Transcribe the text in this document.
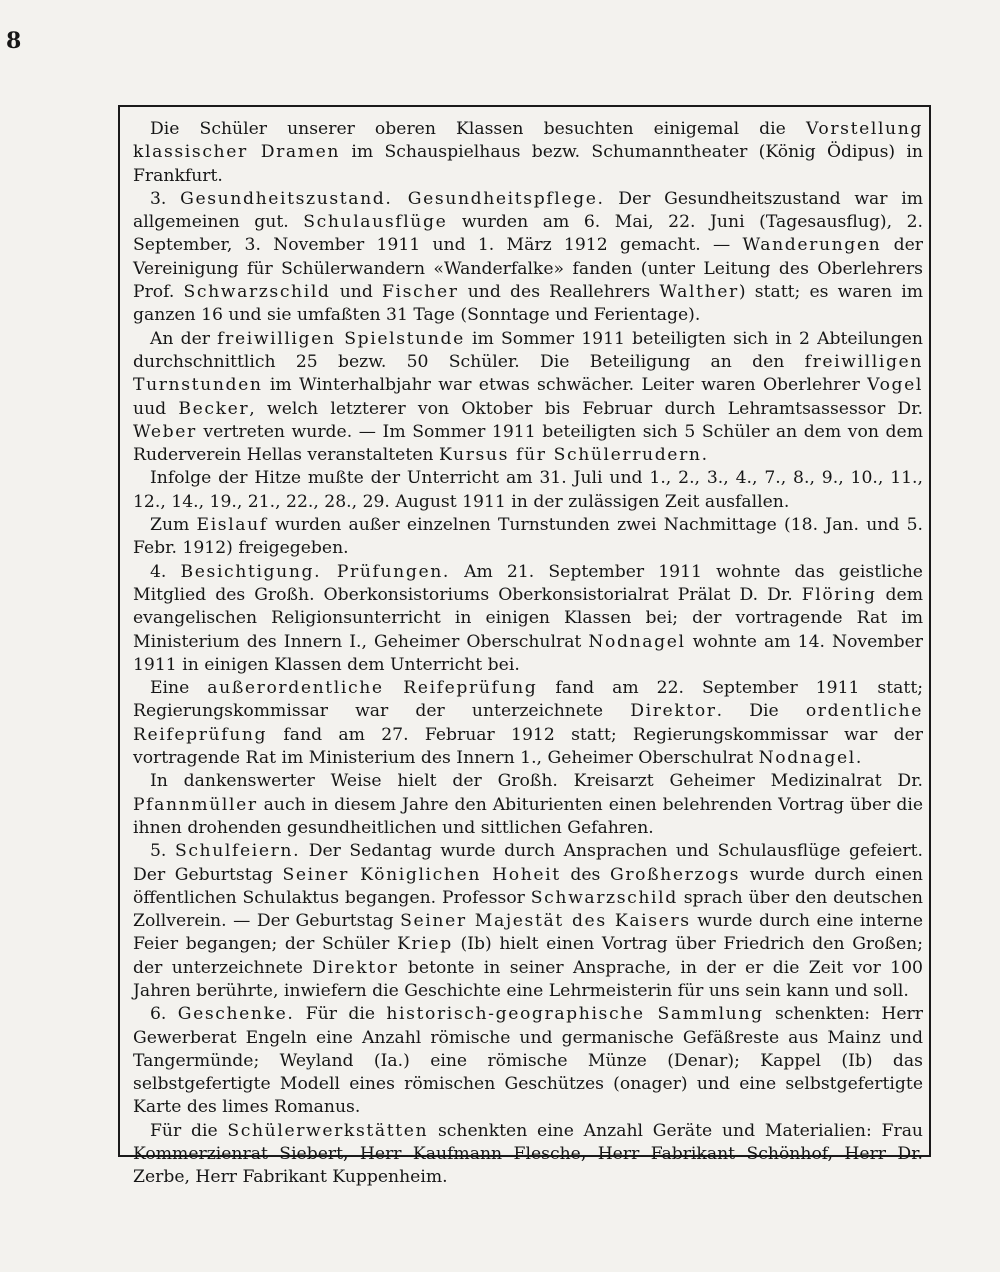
8

Die Schüler unserer oberen Klassen besuchten einigemal die Vorstellung klassischer Dramen im Schauspielhaus bezw. Schumanntheater (König Ödipus) in Frankfurt.

3. Gesundheitszustand. Gesundheitspflege. Der Gesundheitszustand war im allgemeinen gut. Schulausflüge wurden am 6. Mai, 22. Juni (Tagesausflug), 2. September, 3. November 1911 und 1. März 1912 gemacht. — Wanderungen der Vereinigung für Schülerwandern «Wanderfalke» fanden (unter Leitung des Oberlehrers Prof. Schwarzschild und Fischer und des Reallehrers Walther) statt; es waren im ganzen 16 und sie umfaßten 31 Tage (Sonntage und Ferientage).

An der freiwilligen Spielstunde im Sommer 1911 beteiligten sich in 2 Abteilungen durchschnittlich 25 bezw. 50 Schüler. Die Beteiligung an den freiwilligen Turnstunden im Winterhalbjahr war etwas schwächer. Leiter waren Oberlehrer Vogel uud Becker, welch letzterer von Oktober bis Februar durch Lehramtsassessor Dr. Weber vertreten wurde. — Im Sommer 1911 beteiligten sich 5 Schüler an dem von dem Ruderverein Hellas veranstalteten Kursus für Schülerrudern.

Infolge der Hitze mußte der Unterricht am 31. Juli und 1., 2., 3., 4., 7., 8., 9., 10., 11., 12., 14., 19., 21., 22., 28., 29. August 1911 in der zulässigen Zeit ausfallen.

Zum Eislauf wurden außer einzelnen Turnstunden zwei Nachmittage (18. Jan. und 5. Febr. 1912) freigegeben.

4. Besichtigung. Prüfungen. Am 21. September 1911 wohnte das geistliche Mitglied des Großh. Oberkonsistoriums Oberkonsistorialrat Prälat D. Dr. Flöring dem evangelischen Religionsunterricht in einigen Klassen bei; der vortragende Rat im Ministerium des Innern I., Geheimer Oberschulrat Nodnagel wohnte am 14. November 1911 in einigen Klassen dem Unterricht bei.

Eine außerordentliche Reifeprüfung fand am 22. September 1911 statt; Regierungskommissar war der unterzeichnete Direktor. Die ordentliche Reifeprüfung fand am 27. Februar 1912 statt; Regierungskommissar war der vortragende Rat im Ministerium des Innern 1., Geheimer Oberschulrat Nodnagel.

In dankenswerter Weise hielt der Großh. Kreisarzt Geheimer Medizinalrat Dr. Pfannmüller auch in diesem Jahre den Abiturienten einen belehrenden Vortrag über die ihnen drohenden gesundheitlichen und sittlichen Gefahren.

5. Schulfeiern. Der Sedantag wurde durch Ansprachen und Schulausflüge gefeiert. Der Geburtstag Seiner Königlichen Hoheit des Großherzogs wurde durch einen öffentlichen Schulaktus begangen. Professor Schwarzschild sprach über den deutschen Zollverein. — Der Geburtstag Seiner Majestät des Kaisers wurde durch eine interne Feier begangen; der Schüler Kriep (Ib) hielt einen Vortrag über Friedrich den Großen; der unterzeichnete Direktor betonte in seiner Ansprache, in der er die Zeit vor 100 Jahren berührte, inwiefern die Geschichte eine Lehrmeisterin für uns sein kann und soll.

6. Geschenke. Für die historisch-geographische Sammlung schenkten: Herr Gewerberat Engeln eine Anzahl römische und germanische Gefäßreste aus Mainz und Tangermünde; Weyland (Ia.) eine römische Münze (Denar); Kappel (Ib) das selbstgefertigte Modell eines römischen Geschützes (onager) und eine selbstgefertigte Karte des limes Romanus.

Für die Schülerwerkstätten schenkten eine Anzahl Geräte und Materialien: Frau Kommerzienrat Siebert, Herr Kaufmann Flesche, Herr Fabrikant Schönhof, Herr Dr. Zerbe, Herr Fabrikant Kuppenheim.
